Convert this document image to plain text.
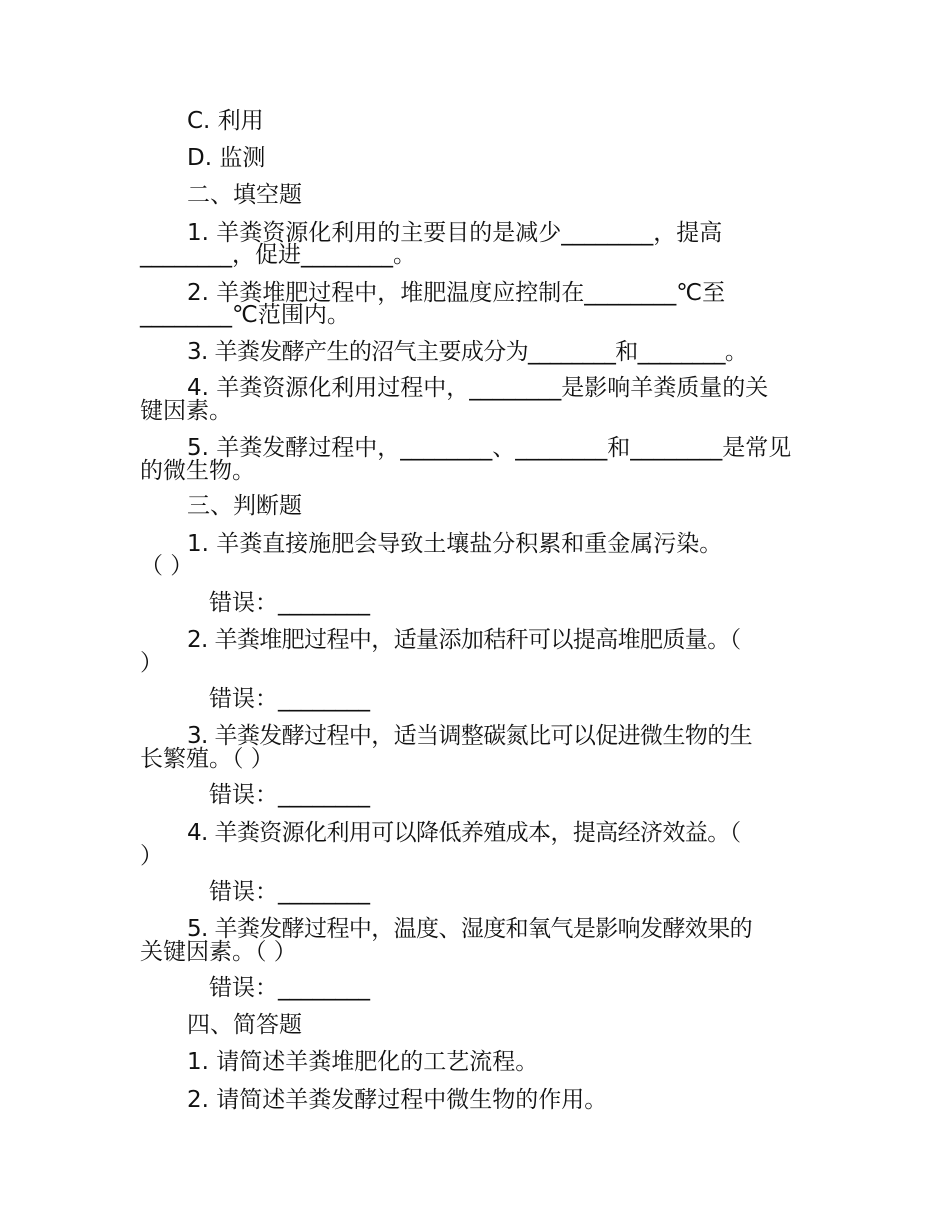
C. 利用
D. 监测
二、填空题
1. 羊粪资源化利用的主要目的是减少________，提高
________，促进________。
2. 羊粪堆肥过程中，堆肥温度应控制在________℃至
________℃范围内。
3. 羊粪发酵产生的沼气主要成分为________和________。
4. 羊粪资源化利用过程中，________是影响羊粪质量的关
键因素。
5. 羊粪发酵过程中，________、________和________是常见
的微生物。
三、判断题
1. 羊粪直接施肥会导致土壤盐分积累和重金属污染。
（ ）
错误：________
2. 羊粪堆肥过程中，适量添加秸秆可以提高堆肥质量。（
）
错误：________
3. 羊粪发酵过程中，适当调整碳氮比可以促进微生物的生
长繁殖。（ ）
错误：________
4. 羊粪资源化利用可以降低养殖成本，提高经济效益。（
）
错误：________
5. 羊粪发酵过程中，温度、湿度和氧气是影响发酵效果的
关键因素。（ ）
错误：________
四、简答题
1. 请简述羊粪堆肥化的工艺流程。
2. 请简述羊粪发酵过程中微生物的作用。
